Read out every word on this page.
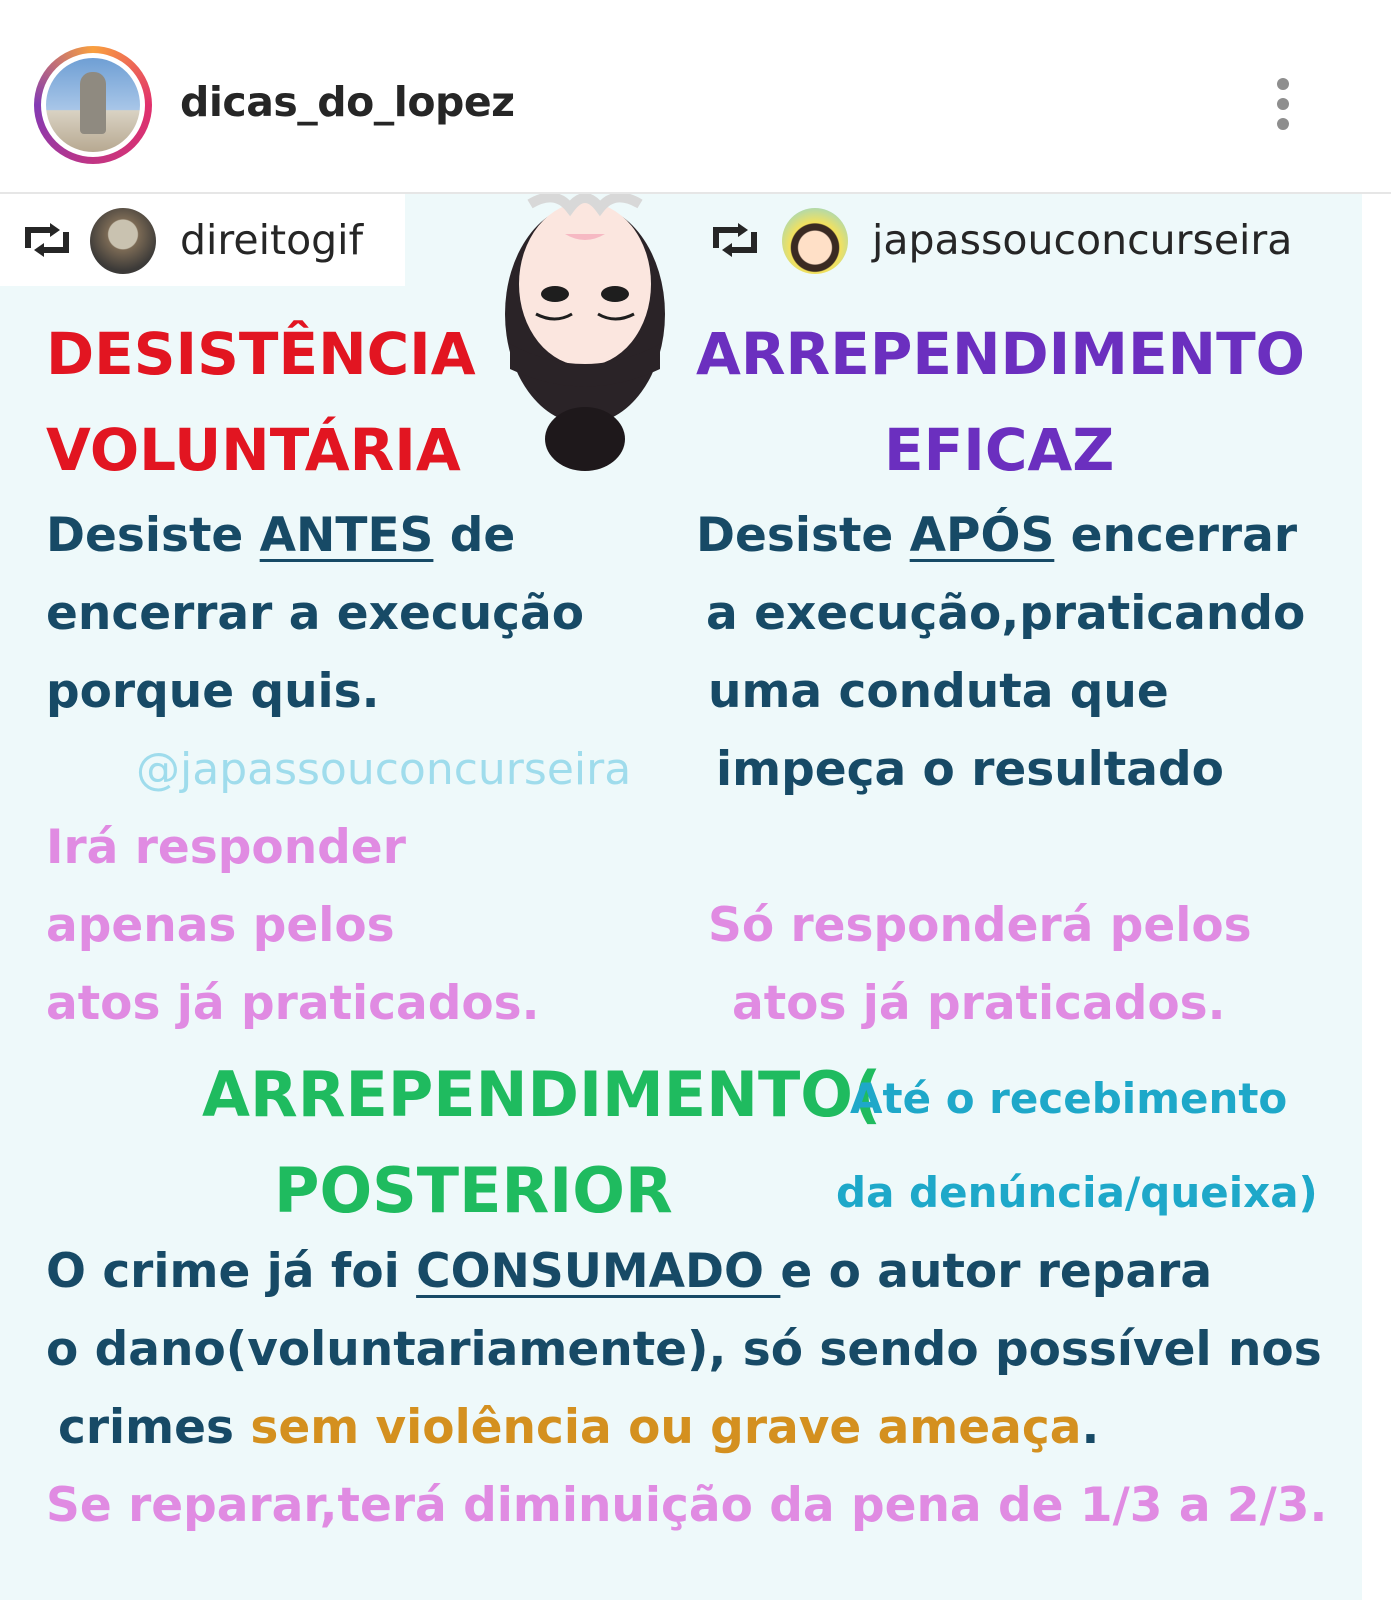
dicas_do_lopez
direitogif	japassouconcurseira
DESISTÊNCIA
VOLUNTÁRIA
Desiste ANTES de
encerrar a execução
porque quis.
@japassouconcurseira
Irá responder
apenas pelos
atos já praticados.
ARREPENDIMENTO
EFICAZ
Desiste APÓS encerrar
a execução,praticando
uma conduta que
impeça o resultado
Só responderá pelos
atos já praticados.
ARREPENDIMENTO(
Até o recebimento
POSTERIOR	da denúncia/queixa)
O crime já foi CONSUMADO e o autor repara
o dano(voluntariamente), só sendo possível nos
crimes sem violência ou grave ameaça.
Se reparar,terá diminuição da pena de 1/3 a 2/3.
